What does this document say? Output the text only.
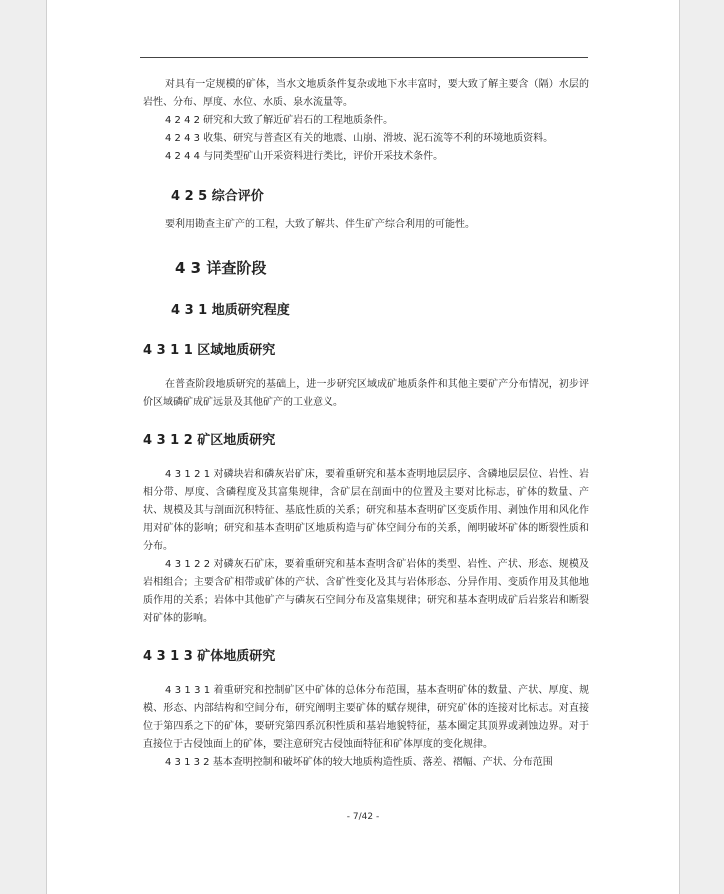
对具有一定规模的矿体，当水文地质条件复杂或地下水丰富时，要大致了解主要含（隔）水层的岩性、分布、厚度、水位、水质、泉水流量等。

4 2 4 2 研究和大致了解近矿岩石的工程地质条件。

4 2 4 3 收集、研究与普查区有关的地震、山崩、滑坡、泥石流等不利的环境地质资料。

4 2 4 4 与同类型矿山开采资料进行类比，评价开采技术条件。

4 2 5 综合评价

要利用勘查主矿产的工程，大致了解共、伴生矿产综合利用的可能性。

4 3 详查阶段
4 3 1 地质研究程度
4 3 1 1 区域地质研究

在普查阶段地质研究的基础上，进一步研究区域成矿地质条件和其他主要矿产分布情况，初步评价区域磷矿成矿远景及其他矿产的工业意义。

4 3 1 2 矿区地质研究

4 3 1 2 1 对磷块岩和磷灰岩矿床，要着重研究和基本查明地层层序、含磷地层层位、岩性、岩相分带、厚度、含磷程度及其富集规律，含矿层在剖面中的位置及主要对比标志，矿体的数量、产状、规模及其与剖面沉积特征、基底性质的关系；研究和基本查明矿区变质作用、剥蚀作用和风化作用对矿体的影响；研究和基本查明矿区地质构造与矿体空间分布的关系，阐明破坏矿体的断裂性质和分布。

4 3 1 2 2 对磷灰石矿床，要着重研究和基本查明含矿岩体的类型、岩性、产状、形态、规模及岩相组合；主要含矿相带或矿体的产状、含矿性变化及其与岩体形态、分异作用、变质作用及其他地质作用的关系；岩体中其他矿产与磷灰石空间分布及富集规律；研究和基本查明成矿后岩浆岩和断裂对矿体的影响。

4 3 1 3 矿体地质研究

4 3 1 3 1 着重研究和控制矿区中矿体的总体分布范围，基本查明矿体的数量、产状、厚度、规模、形态、内部结构和空间分布，研究阐明主要矿体的赋存规律，研究矿体的连接对比标志。对直接位于第四系之下的矿体，要研究第四系沉积性质和基岩地貌特征，基本圈定其顶界或剥蚀边界。对于直接位于古侵蚀面上的矿体，要注意研究古侵蚀面特征和矿体厚度的变化规律。

4 3 1 3 2 基本查明控制和破坏矿体的较大地质构造性质、落差、褶幅、产状、分布范围

- 7/42 -
